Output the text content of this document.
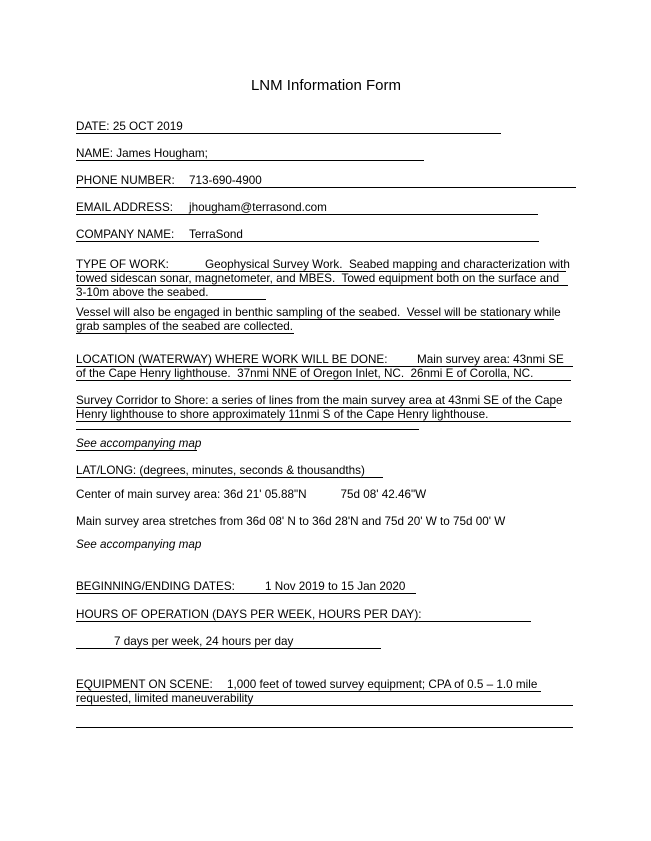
LNM Information Form
DATE: 25 OCT 2019
NAME: James Hougham;
PHONE NUMBER: 713-690-4900
EMAIL ADDRESS: jhougham@terrasond.com
COMPANY NAME: TerraSond
TYPE OF WORK:	Geophysical Survey Work.  Seabed mapping and characterization with
towed sidescan sonar, magnetometer, and MBES.  Towed equipment both on the surface and
3-10m above the seabed.
Vessel will also be engaged in benthic sampling of the seabed.  Vessel will be stationary while
grab samples of the seabed are collected.
LOCATION (WATERWAY) WHERE WORK WILL BE DONE:	Main survey area: 43nmi SE
of the Cape Henry lighthouse.  37nmi NNE of Oregon Inlet, NC.  26nmi E of Corolla, NC.
Survey Corridor to Shore: a series of lines from the main survey area at 43nmi SE of the Cape
Henry lighthouse to shore approximately 11nmi S of the Cape Henry lighthouse.
See accompanying map
LAT/LONG: (degrees, minutes, seconds & thousandths)
Center of main survey area: 36d 21' 05.88"N	75d 08' 42.46"W
Main survey area stretches from 36d 08' N to 36d 28'N and 75d 20' W to 75d 00' W
See accompanying map
BEGINNING/ENDING DATES:	1 Nov 2019 to 15 Jan 2020
HOURS OF OPERATION (DAYS PER WEEK, HOURS PER DAY):
7 days per week, 24 hours per day
EQUIPMENT ON SCENE: 1,000 feet of towed survey equipment; CPA of 0.5 – 1.0 mile
requested, limited maneuverability
